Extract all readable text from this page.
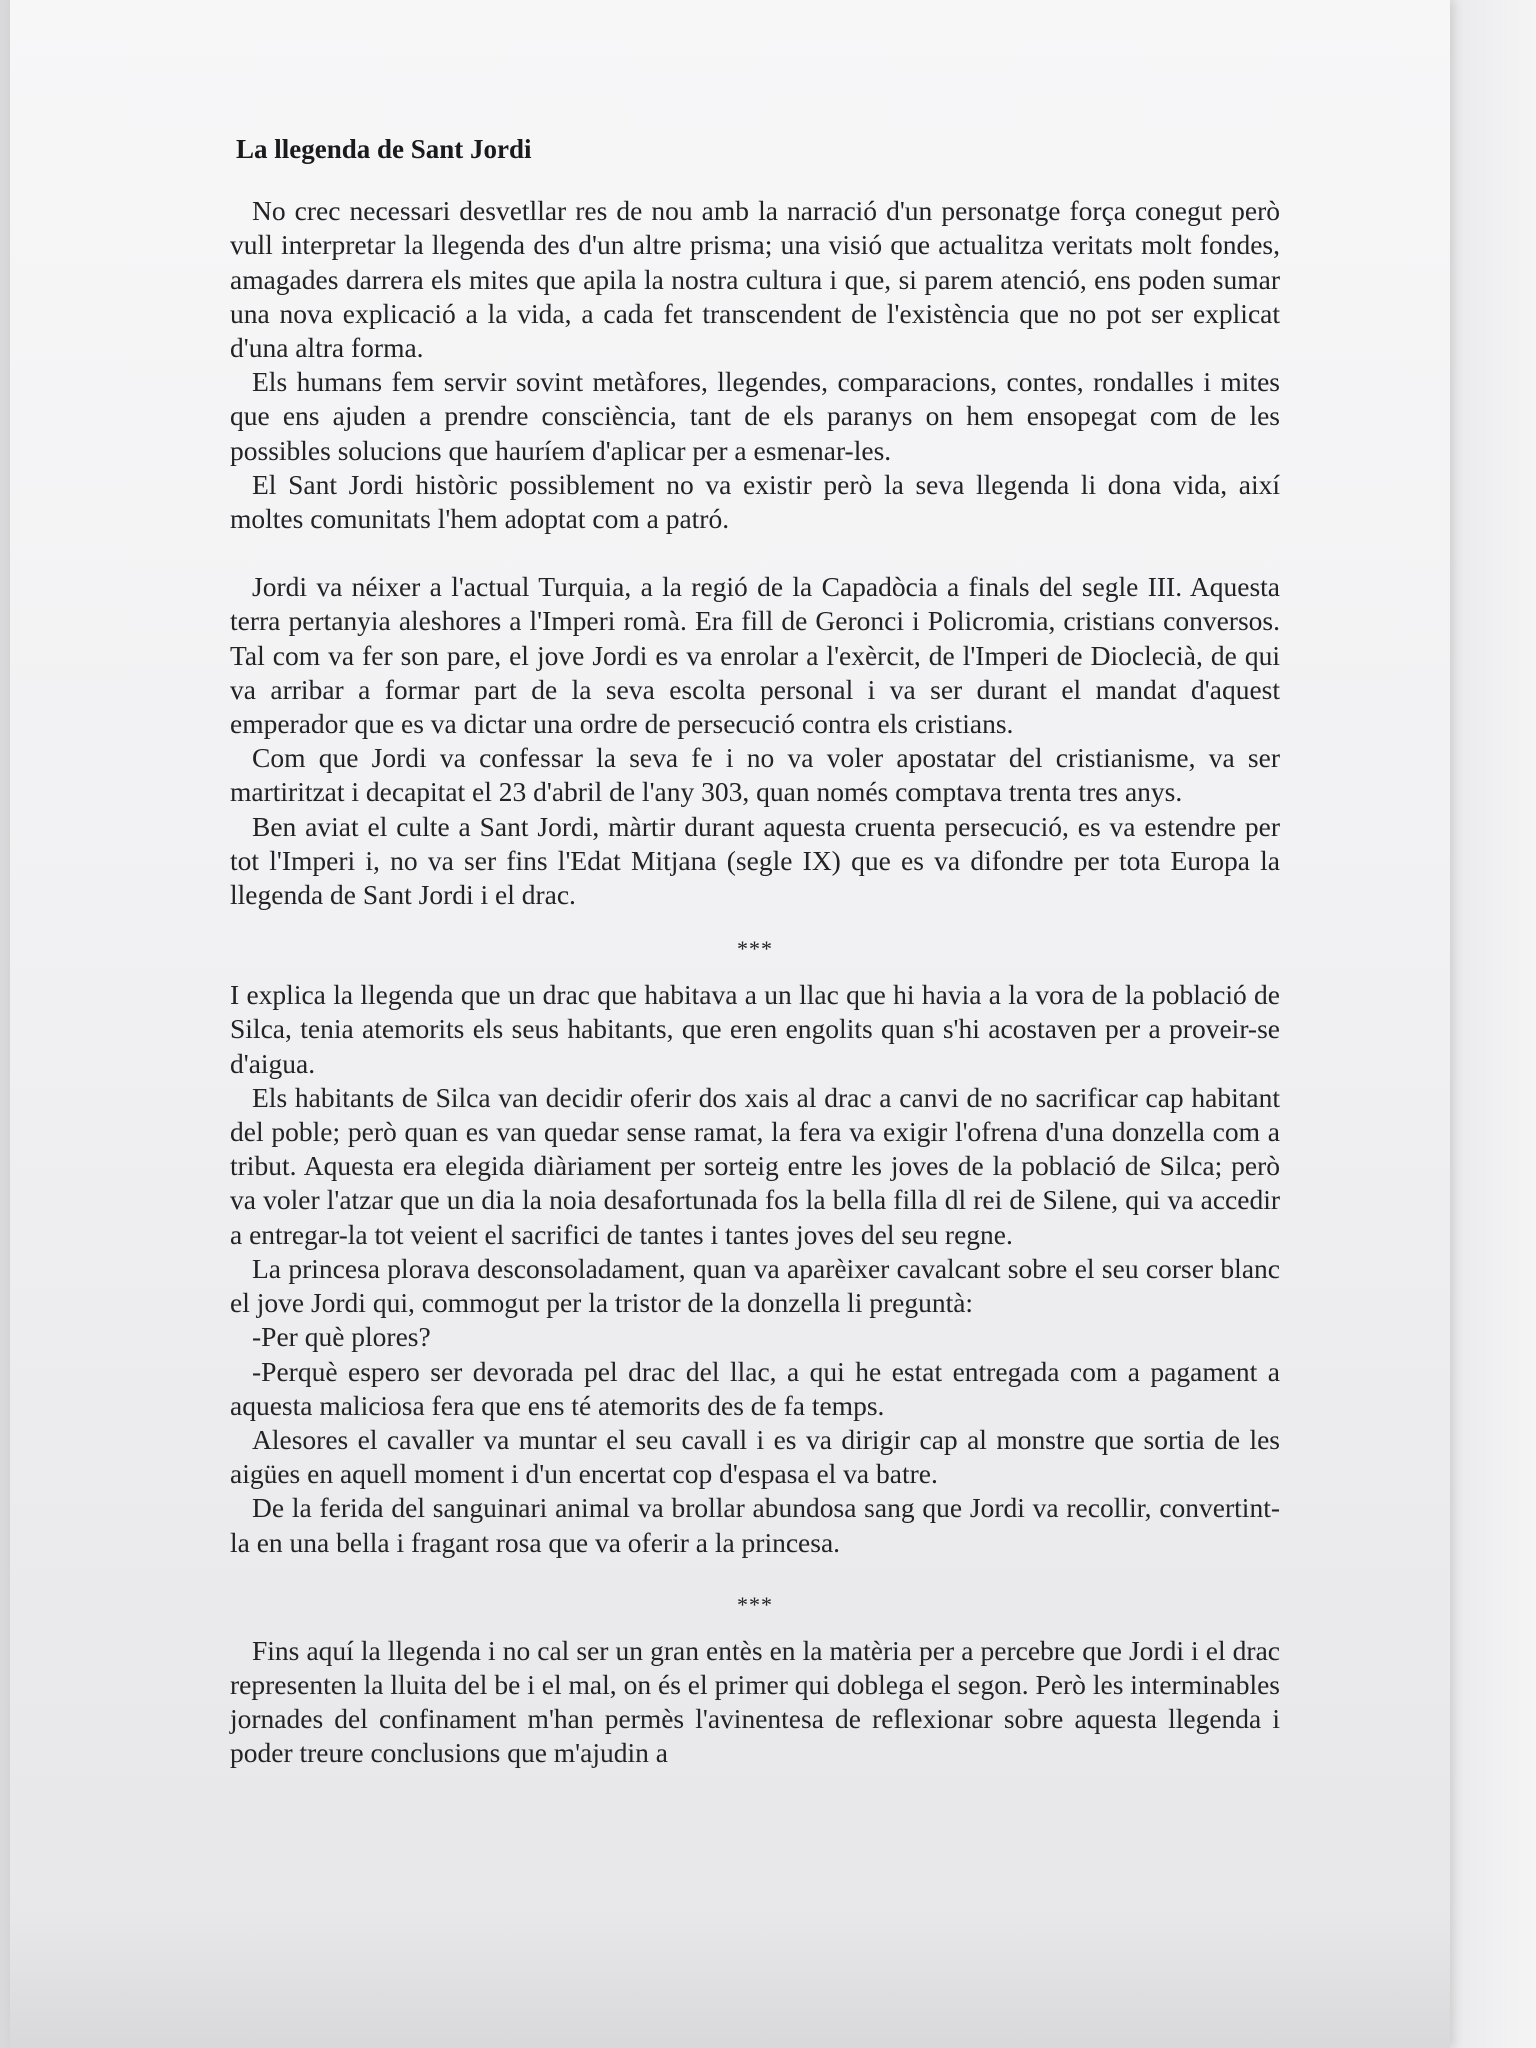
La llegenda de Sant Jordi

No crec necessari desvetllar res de nou amb la narració d'un personatge força conegut però vull interpretar la llegenda des d'un altre prisma; una visió que actualitza veritats molt fondes, amagades darrera els mites que apila la nostra cultura i que, si parem atenció, ens poden sumar una nova explicació a la vida, a cada fet transcendent de l'existència que no pot ser explicat d'una altra forma.

Els humans fem servir sovint metàfores, llegendes, comparacions, contes, rondalles i mites que ens ajuden a prendre consciència, tant de els paranys on hem ensopegat com de les possibles solucions que hauríem d'aplicar per a esmenar-les.

El Sant Jordi històric possiblement no va existir però la seva llegenda li dona vida, així moltes comunitats l'hem adoptat com a patró.

Jordi va néixer a l'actual Turquia, a la regió de la Capadòcia a finals del segle III. Aquesta terra pertanyia aleshores a l'Imperi romà. Era fill de Geronci i Policromia, cristians conversos. Tal com va fer son pare, el jove Jordi es va enrolar a l'exèrcit, de l'Imperi de Dioclecià, de qui va arribar a formar part de la seva escolta personal i va ser durant el mandat d'aquest emperador que es va dictar una ordre de persecució contra els cristians.

Com que Jordi va confessar la seva fe i no va voler apostatar del cristianisme, va ser martiritzat i decapitat el 23 d'abril de l'any 303, quan només comptava trenta tres anys.

Ben aviat el culte a Sant Jordi, màrtir durant aquesta cruenta persecució, es va estendre per tot l'Imperi i, no va ser fins l'Edat Mitjana (segle IX) que es va difondre per tota Europa la llegenda de Sant Jordi i el drac.

***

I explica la llegenda que un drac que habitava a un llac que hi havia a la vora de la població de Silca, tenia atemorits els seus habitants, que eren engolits quan s'hi acostaven per a proveir-se d'aigua.

Els habitants de Silca van decidir oferir dos xais al drac a canvi de no sacrificar cap habitant del poble; però quan es van quedar sense ramat, la fera va exigir l'ofrena d'una donzella com a tribut. Aquesta era elegida diàriament per sorteig entre les joves de la població de Silca; però va voler l'atzar que un dia la noia desafortunada fos la bella filla dl rei de Silene, qui va accedir a entregar-la tot veient el sacrifici de tantes i tantes joves del seu regne.

La princesa plorava desconsoladament, quan va aparèixer cavalcant sobre el seu corser blanc el jove Jordi qui, commogut per la tristor de la donzella li preguntà:

-Per què plores?

-Perquè espero ser devorada pel drac del llac, a qui he estat entregada com a pagament a aquesta maliciosa fera que ens té atemorits des de fa temps.

Alesores el cavaller va muntar el seu cavall i es va dirigir cap al monstre que sortia de les aigües en aquell moment i d'un encertat cop d'espasa el va batre.

De la ferida del sanguinari animal va brollar abundosa sang que Jordi va recollir, convertint-la en una bella i fragant rosa que va oferir a la princesa.

***

Fins aquí la llegenda i no cal ser un gran entès en la matèria per a percebre que Jordi i el drac representen la lluita del be i el mal, on és el primer qui doblega el segon. Però les interminables jornades del confinament m'han permès l'avinentesa de reflexionar sobre aquesta llegenda i poder treure conclusions que m'ajudin a
